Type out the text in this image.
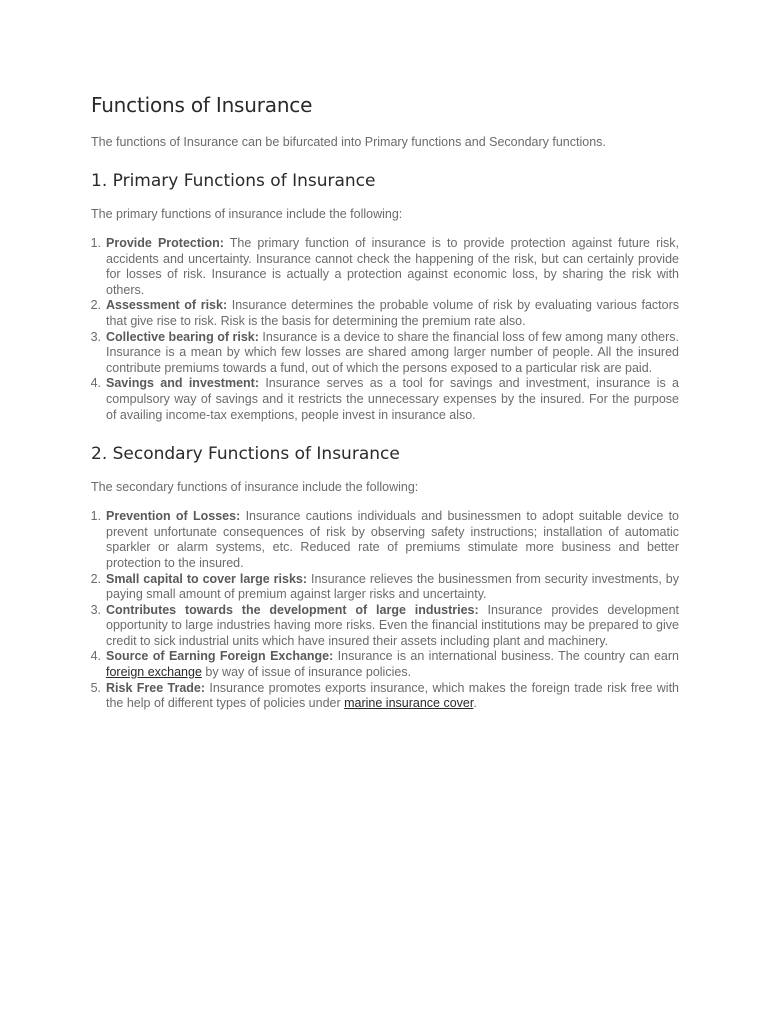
Functions of Insurance

The functions of Insurance can be bifurcated into Primary functions and Secondary functions.

1. Primary Functions of Insurance

The primary functions of insurance include the following:

1. Provide Protection: The primary function of insurance is to provide protection against future risk, accidents and uncertainty. Insurance cannot check the happening of the risk, but can certainly provide for losses of risk. Insurance is actually a protection against economic loss, by sharing the risk with others.
2. Assessment of risk: Insurance determines the probable volume of risk by evaluating various factors that give rise to risk. Risk is the basis for determining the premium rate also.
3. Collective bearing of risk: Insurance is a device to share the financial loss of few among many others. Insurance is a mean by which few losses are shared among larger number of people. All the insured contribute premiums towards a fund, out of which the persons exposed to a particular risk are paid.
4. Savings and investment: Insurance serves as a tool for savings and investment, insurance is a compulsory way of savings and it restricts the unnecessary expenses by the insured. For the purpose of availing income-tax exemptions, people invest in insurance also.
2. Secondary Functions of Insurance

The secondary functions of insurance include the following:

1. Prevention of Losses: Insurance cautions individuals and businessmen to adopt suitable device to prevent unfortunate consequences of risk by observing safety instructions; installation of automatic sparkler or alarm systems, etc. Reduced rate of premiums stimulate more business and better protection to the insured.
2. Small capital to cover large risks: Insurance relieves the businessmen from security investments, by paying small amount of premium against larger risks and uncertainty.
3. Contributes towards the development of large industries: Insurance provides development opportunity to large industries having more risks. Even the financial institutions may be prepared to give credit to sick industrial units which have insured their assets including plant and machinery.
4. Source of Earning Foreign Exchange: Insurance is an international business. The country can earn foreign exchange by way of issue of insurance policies.
5. Risk Free Trade: Insurance promotes exports insurance, which makes the foreign trade risk free with the help of different types of policies under marine insurance cover.
